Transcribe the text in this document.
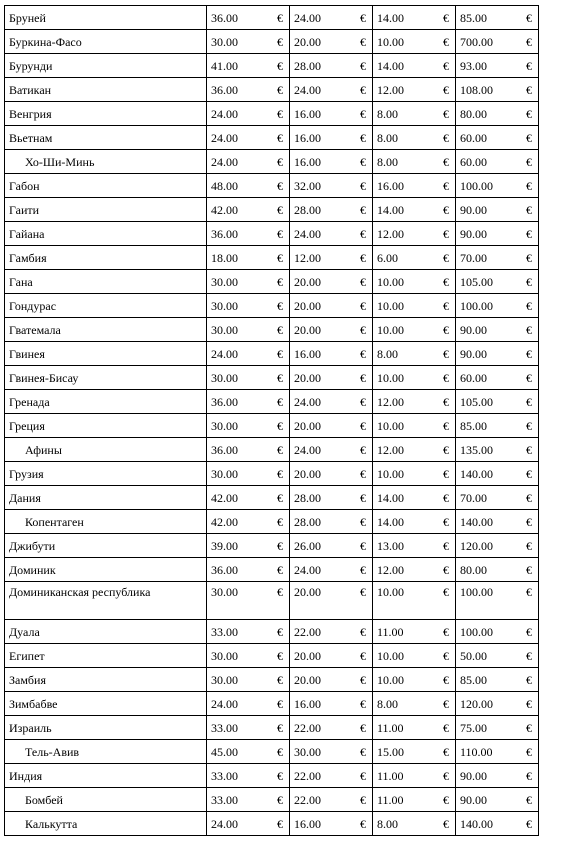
Бруней	36.00 €	24.00 €	14.00 €	85.00 €

Буркина-Фасо	30.00 €	20.00 €	10.00 €	700.00 €

Бурунди	41.00 €	28.00 €	14.00 €	93.00 €

Ватикан	36.00 €	24.00 €	12.00 €	108.00 €

Венгрия	24.00 €	16.00 €	8.00 €	80.00 €

Вьетнам	24.00 €	16.00 €	8.00 €	60.00 €

Хо-Ши-Минь	24.00 €	16.00 €	8.00 €	60.00 €

Габон	48.00 €	32.00 €	16.00 €	100.00 €

Гаити	42.00 €	28.00 €	14.00 €	90.00 €

Гайана	36.00 €	24.00 €	12.00 €	90.00 €

Гамбия	18.00 €	12.00 €	6.00 €	70.00 €

Гана	30.00 €	20.00 €	10.00 €	105.00 €

Гондурас	30.00 €	20.00 €	10.00 €	100.00 €

Гватемала	30.00 €	20.00 €	10.00 €	90.00 €

Гвинея	24.00 €	16.00 €	8.00 €	90.00 €

Гвинея-Бисау	30.00 €	20.00 €	10.00 €	60.00 €

Гренада	36.00 €	24.00 €	12.00 €	105.00 €

Греция	30.00 €	20.00 €	10.00 €	85.00 €

Афины	36.00 €	24.00 €	12.00 €	135.00 €

Грузия	30.00 €	20.00 €	10.00 €	140.00 €

Дания	42.00 €	28.00 €	14.00 €	70.00 €

Копентаген	42.00 €	28.00 €	14.00 €	140.00 €

Джибути	39.00 €	26.00 €	13.00 €	120.00 €

Доминик	36.00 €	24.00 €	12.00 €	80.00 €

Доминиканская республика	30.00 €	20.00 €	10.00 €	100.00 €

Дуала	33.00 €	22.00 €	11.00 €	100.00 €

Египет	30.00 €	20.00 €	10.00 €	50.00 €

Замбия	30.00 €	20.00 €	10.00 €	85.00 €

Зимбабве	24.00 €	16.00 €	8.00 €	120.00 €

Израиль	33.00 €	22.00 €	11.00 €	75.00 €

Тель-Авив	45.00 €	30.00 €	15.00 €	110.00 €

Индия	33.00 €	22.00 €	11.00 €	90.00 €

Бомбей	33.00 €	22.00 €	11.00 €	90.00 €

Калькутта	24.00 €	16.00 €	8.00 €	140.00 €
